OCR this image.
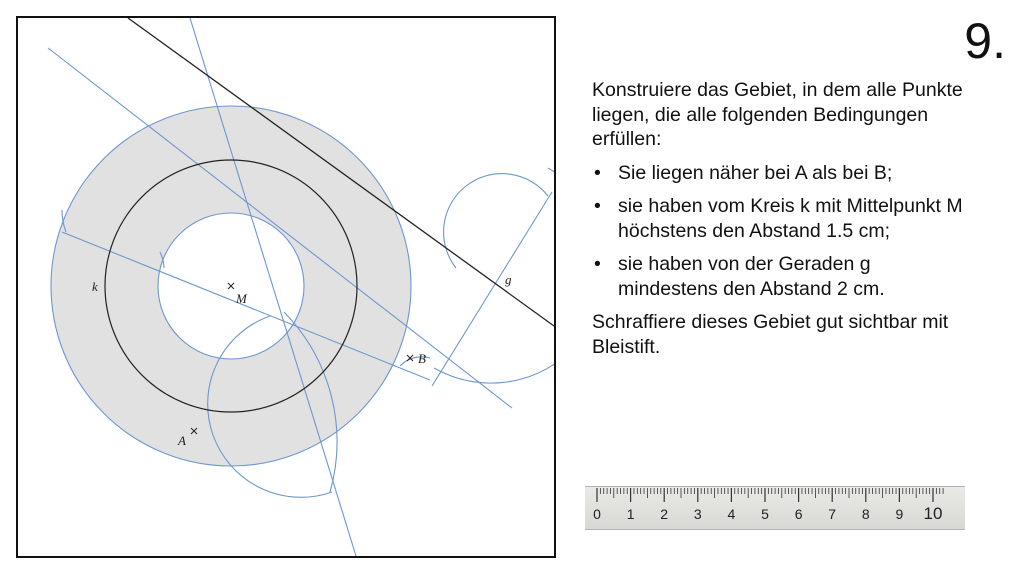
k
M
A
B
g
9.

Konstruiere das Gebiet, in dem alle Punkte liegen, die alle folgenden Bedingungen erfüllen:

• Sie liegen näher bei A als bei B;
• sie haben vom Kreis k mit Mittelpunkt M höchstens den Abstand 1.5 cm;
• sie haben von der Geraden g mindestens den Abstand 2 cm.

Schraffiere dieses Gebiet gut sichtbar mit Bleistift.

0 1 2 3 4 5 6 7 8 9 10
